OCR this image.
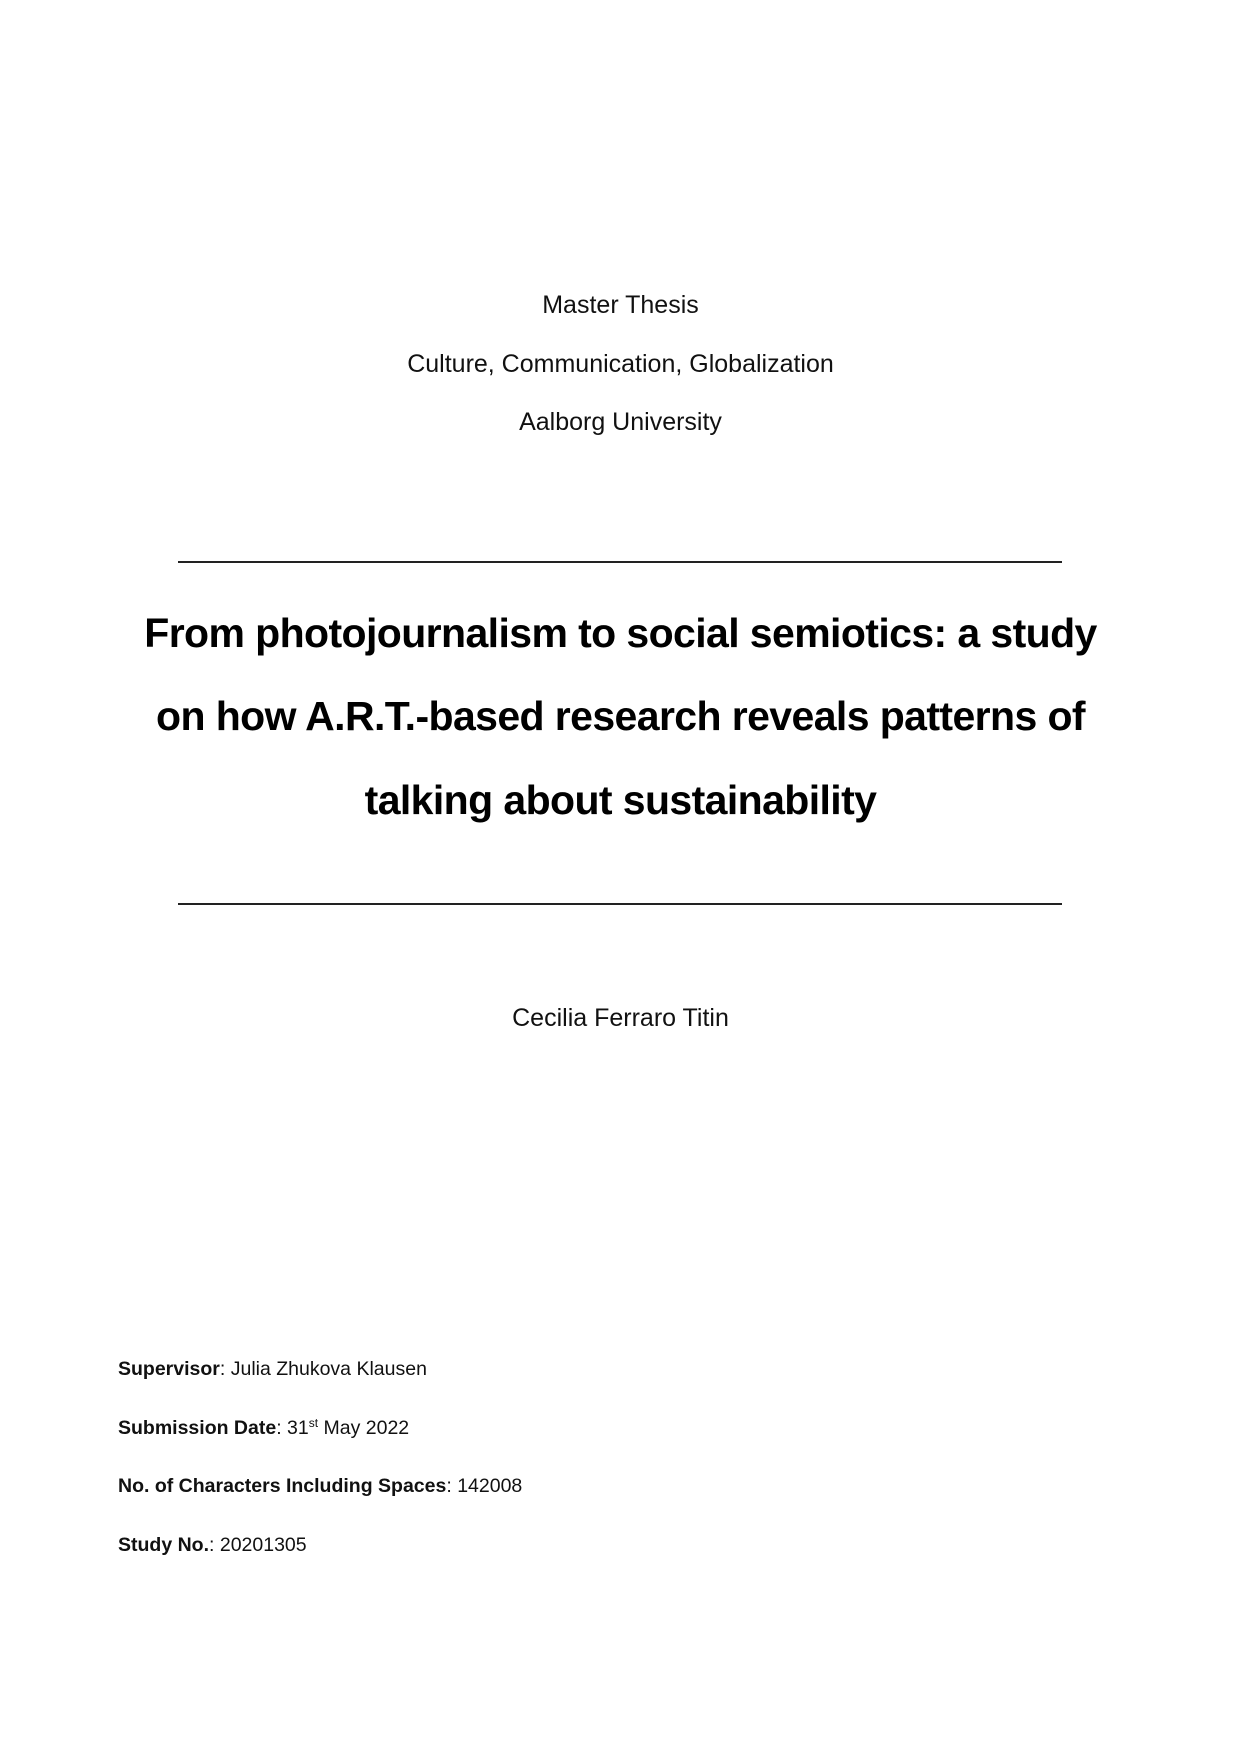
Master Thesis
Culture, Communication, Globalization
Aalborg University
From photojournalism to social semiotics: a study
on how A.R.T.-based research reveals patterns of
talking about sustainability
Cecilia Ferraro Titin
Supervisor: Julia Zhukova Klausen
Submission Date: 31st May 2022
No. of Characters Including Spaces: 142008
Study No.: 20201305
